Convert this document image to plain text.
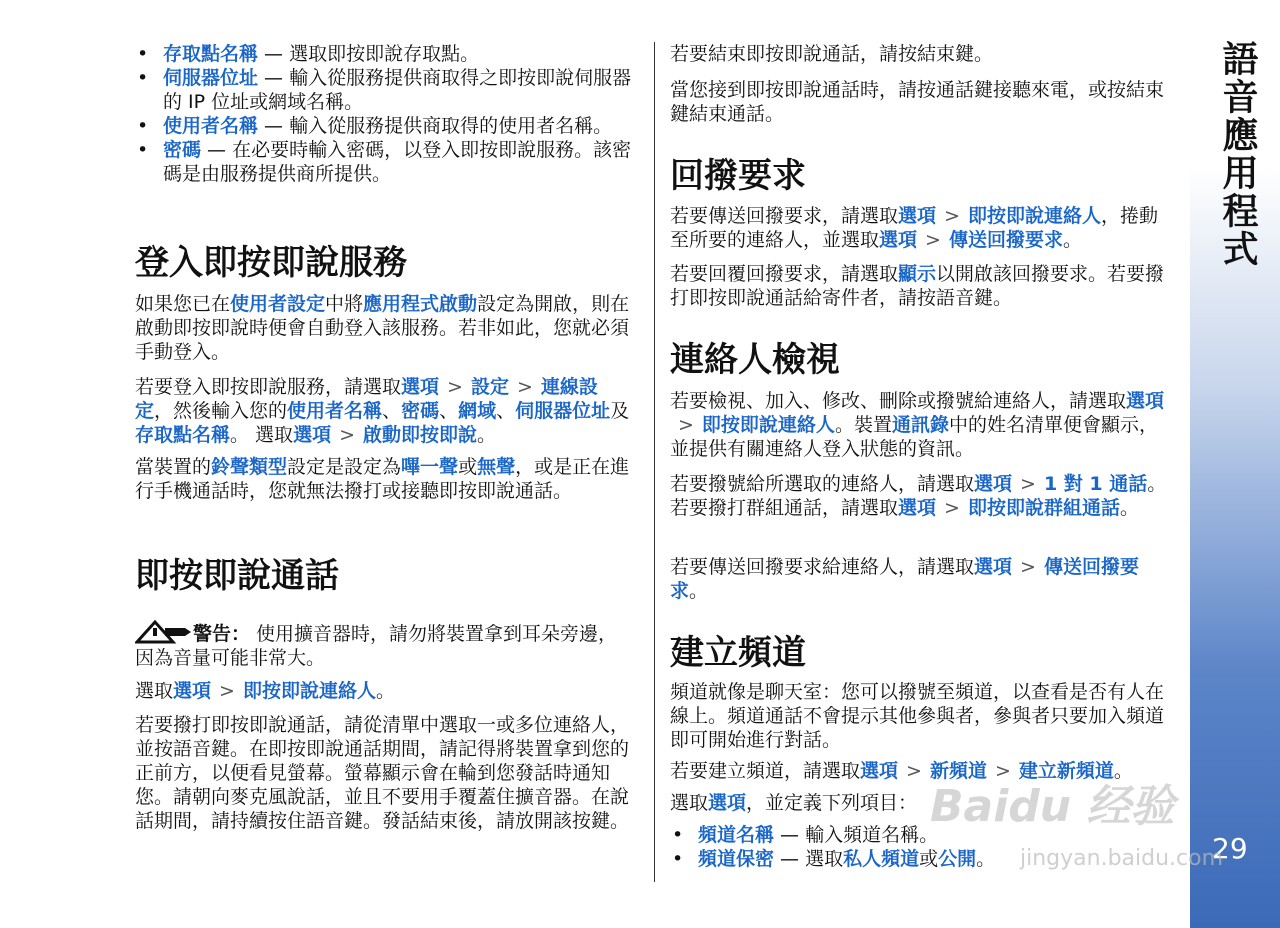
• 存取點名稱 — 選取即按即說存取點。
• 伺服器位址 — 輸入從服務提供商取得之即按即說伺服器的 IP 位址或網域名稱。
• 使用者名稱 — 輸入從服務提供商取得的使用者名稱。
• 密碼 — 在必要時輸入密碼，以登入即按即說服務。該密碼是由服務提供商所提供。
登入即按即說服務

如果您已在使用者設定中將應用程式啟動設定為開啟，則在啟動即按即說時便會自動登入該服務。若非如此，您就必須手動登入。

若要登入即按即說服務，請選取選項 > 設定 > 連線設定，然後輸入您的使用者名稱、密碼、網域、伺服器位址及存取點名稱。 選取選項 > 啟動即按即說。

當裝置的鈴聲類型設定是設定為嗶一聲或無聲，或是正在進行手機通話時，您就無法撥打或接聽即按即說通話。

即按即說通話

警告： 使用擴音器時，請勿將裝置拿到耳朵旁邊，因為音量可能非常大。

選取選項 > 即按即說連絡人。

若要撥打即按即說通話，請從清單中選取一或多位連絡人，並按語音鍵。在即按即說通話期間，請記得將裝置拿到您的正前方，以便看見螢幕。螢幕顯示會在輪到您發話時通知您。請朝向麥克風說話，並且不要用手覆蓋住擴音器。在說話期間，請持續按住語音鍵。發話結束後，請放開該按鍵。

若要結束即按即說通話，請按結束鍵。

當您接到即按即說通話時，請按通話鍵接聽來電，或按結束鍵結束通話。

回撥要求

若要傳送回撥要求，請選取選項 > 即按即說連絡人，捲動至所要的連絡人，並選取選項 > 傳送回撥要求。

若要回覆回撥要求，請選取顯示以開啟該回撥要求。若要撥打即按即說通話給寄件者，請按語音鍵。

連絡人檢視

若要檢視、加入、修改、刪除或撥號給連絡人，請選取選項> 即按即說連絡人。裝置通訊錄中的姓名清單便會顯示，並提供有關連絡人登入狀態的資訊。

若要撥號給所選取的連絡人，請選取選項 > 1 對 1 通話。若要撥打群組通話，請選取選項 > 即按即說群組通話。

若要傳送回撥要求給連絡人，請選取選項 > 傳送回撥要求。

建立頻道

頻道就像是聊天室：您可以撥號至頻道，以查看是否有人在線上。頻道通話不會提示其他參與者，參與者只要加入頻道即可開始進行對話。

若要建立頻道，請選取選項 > 新頻道 > 建立新頻道。

選取選項，並定義下列項目：

• 頻道名稱 — 輸入頻道名稱。
• 頻道保密 — 選取私人頻道或公開。
語音應用程式
29
Baidu 经验
jingyan.baidu.com
